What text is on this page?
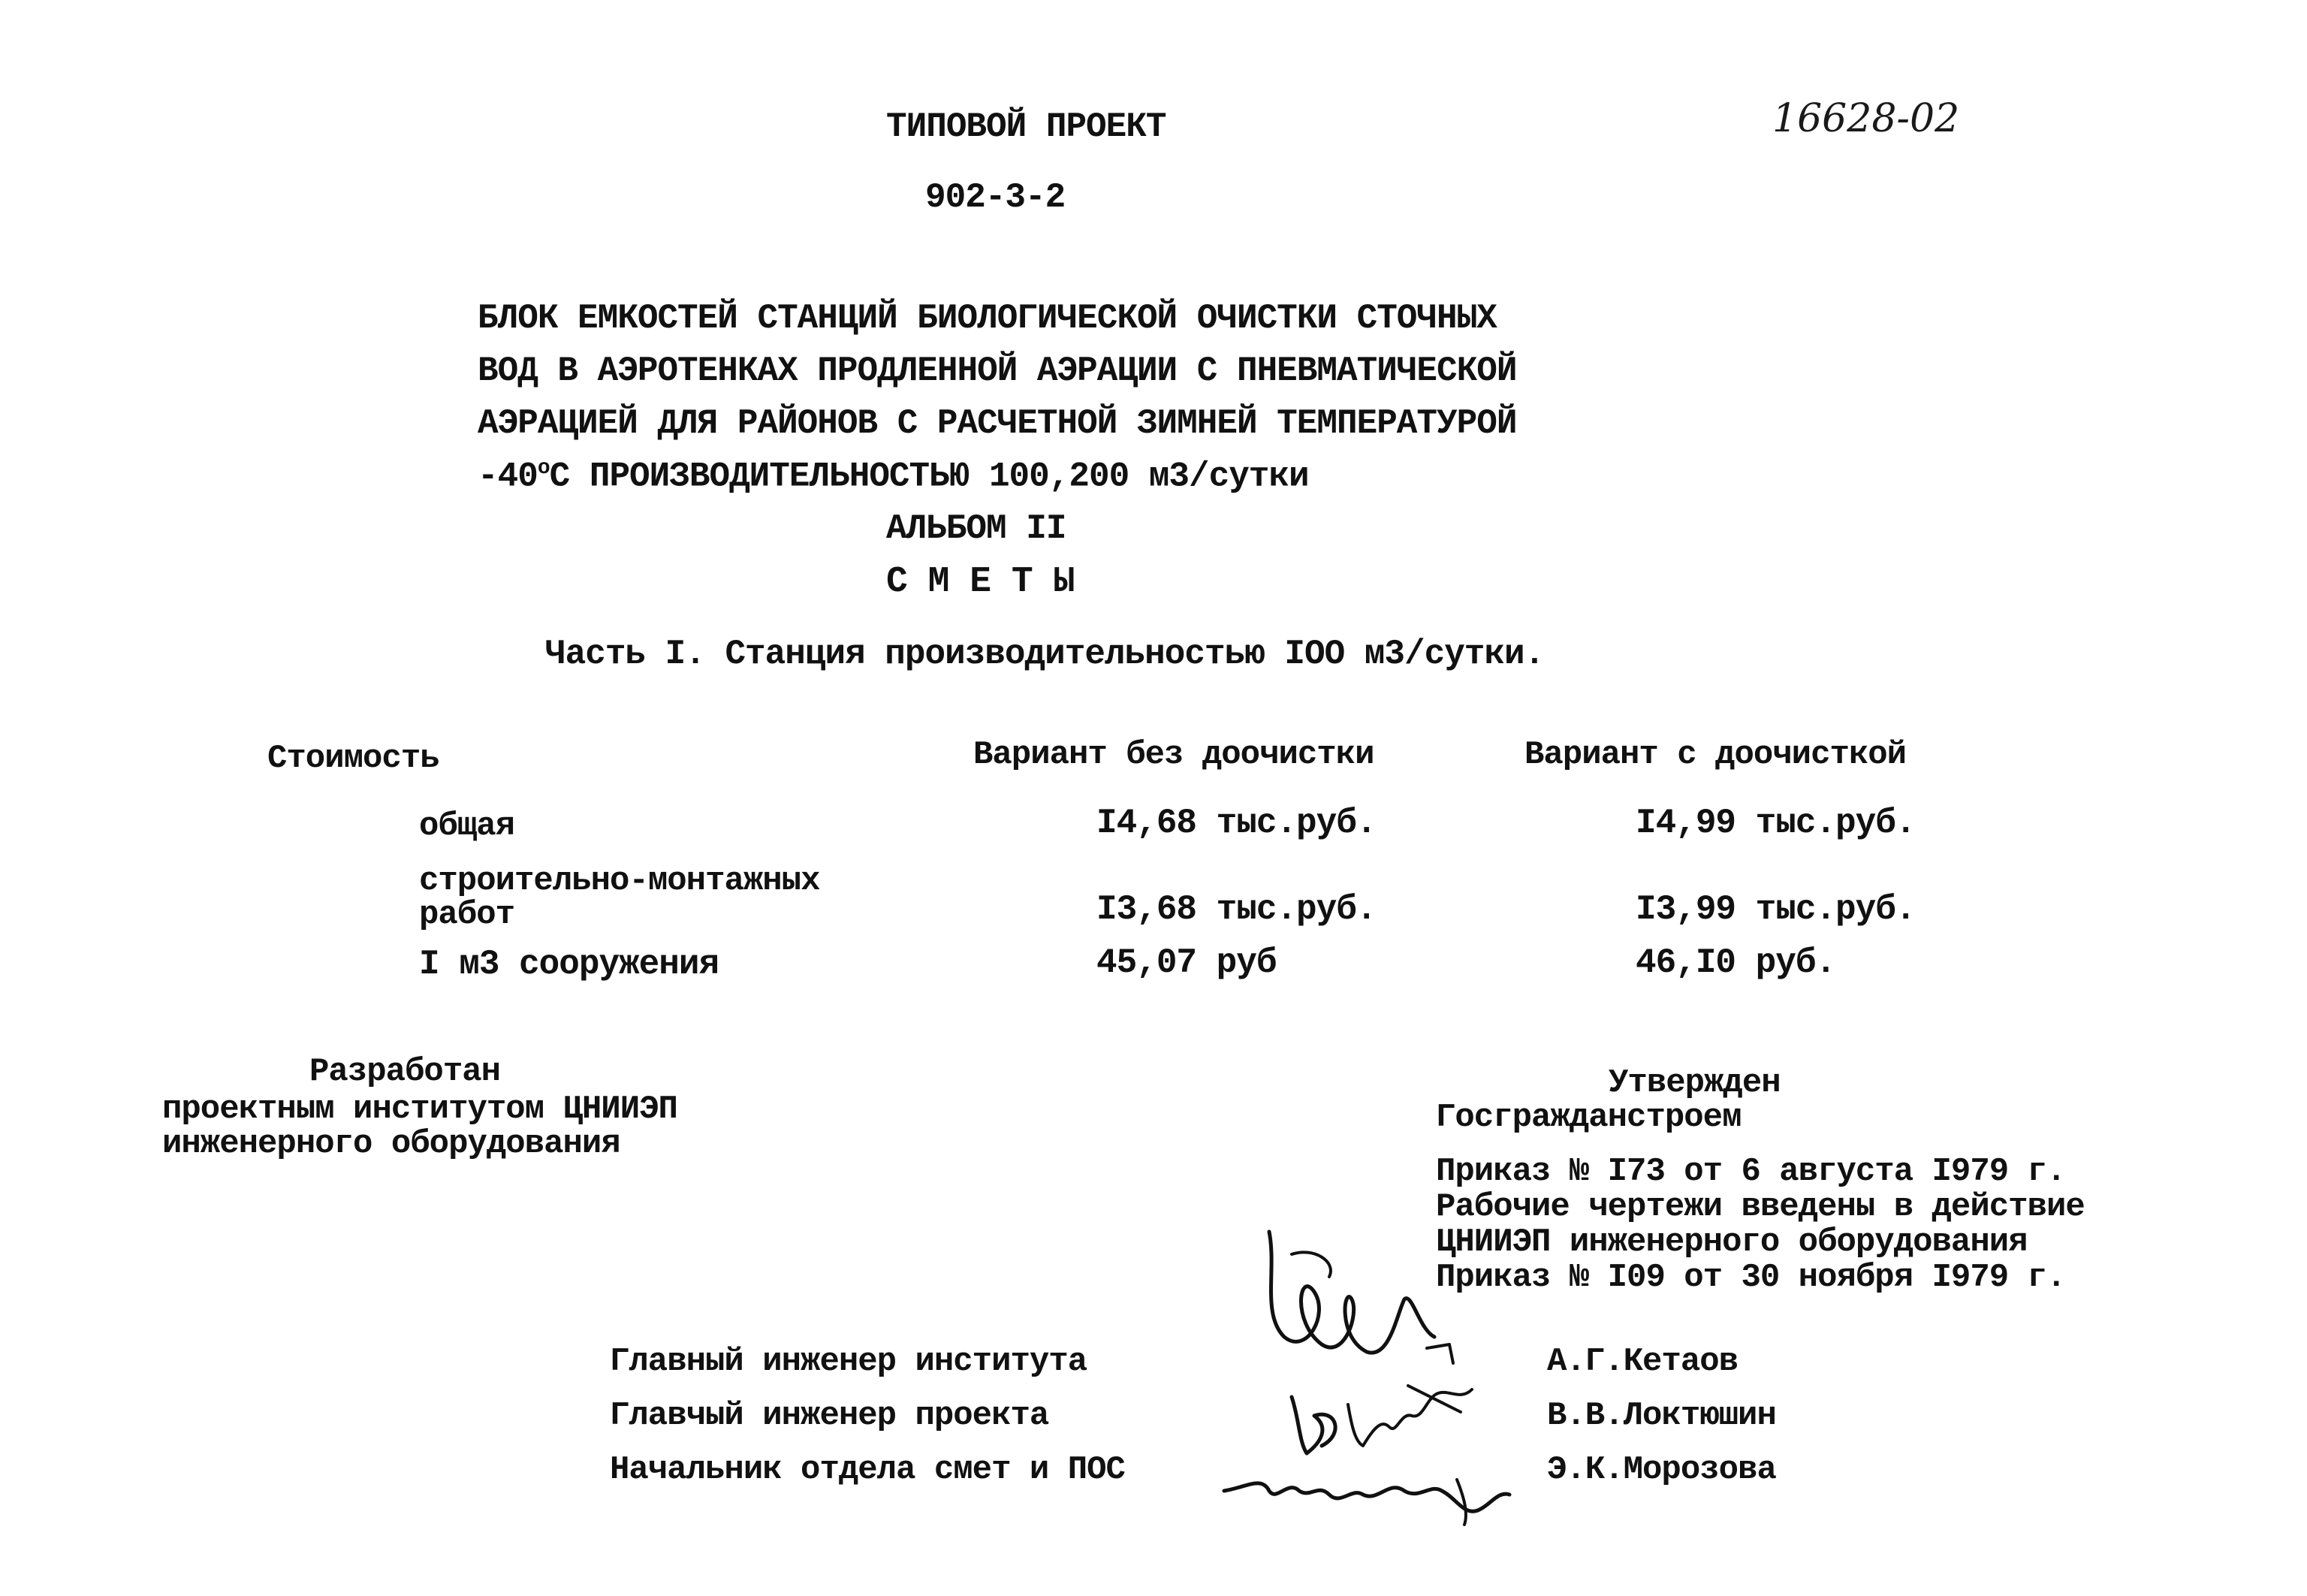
16628-02
ТИПОВОЙ ПРОЕКТ
902-3-2
БЛОК ЕМКОСТЕЙ СТАНЦИЙ БИОЛОГИЧЕСКОЙ ОЧИСТКИ СТОЧНЫХ
ВОД В АЭРОТЕНКАХ ПРОДЛЕННОЙ АЭРАЦИИ С ПНЕВМАТИЧЕСКОЙ
АЭРАЦИЕЙ ДЛЯ РАЙОНОВ С РАСЧЕТНОЙ ЗИМНЕЙ ТЕМПЕРАТУРОЙ
$-40^оС$ ПРОИЗВОДИТЕЛЬНОСТЬЮ 100,200 м3/сутки
АЛЬБОМ II
С М Е Т Ы
Часть I. Станция производительностью IOO м3/сутки.
Стоимость	Вариант без доочистки	Вариант с доочисткой
общая	I4,68 тыс.руб.	I4,99 тыс.руб.
строительно-монтажных
работ	I3,68 тыс.руб.	I3,99 тыс.руб.
I м3 сооружения	45,07 руб	46,I0 руб.
Разработан
проектным институтом ЦНИИЭП
инженерного оборудования
Утвержден
Госгражданстроем
Приказ № I73 от 6 августа I979 г.
Рабочие чертежи введены в действие
ЦНИИЭП инженерного оборудования
Приказ № I09 от 30 ноября I979 г.
Главный инженер института
Главчый инженер проекта
Начальник отдела смет и ПОС
А.Г.Кетаов
В.В.Локтюшин
Э.К.Морозова
